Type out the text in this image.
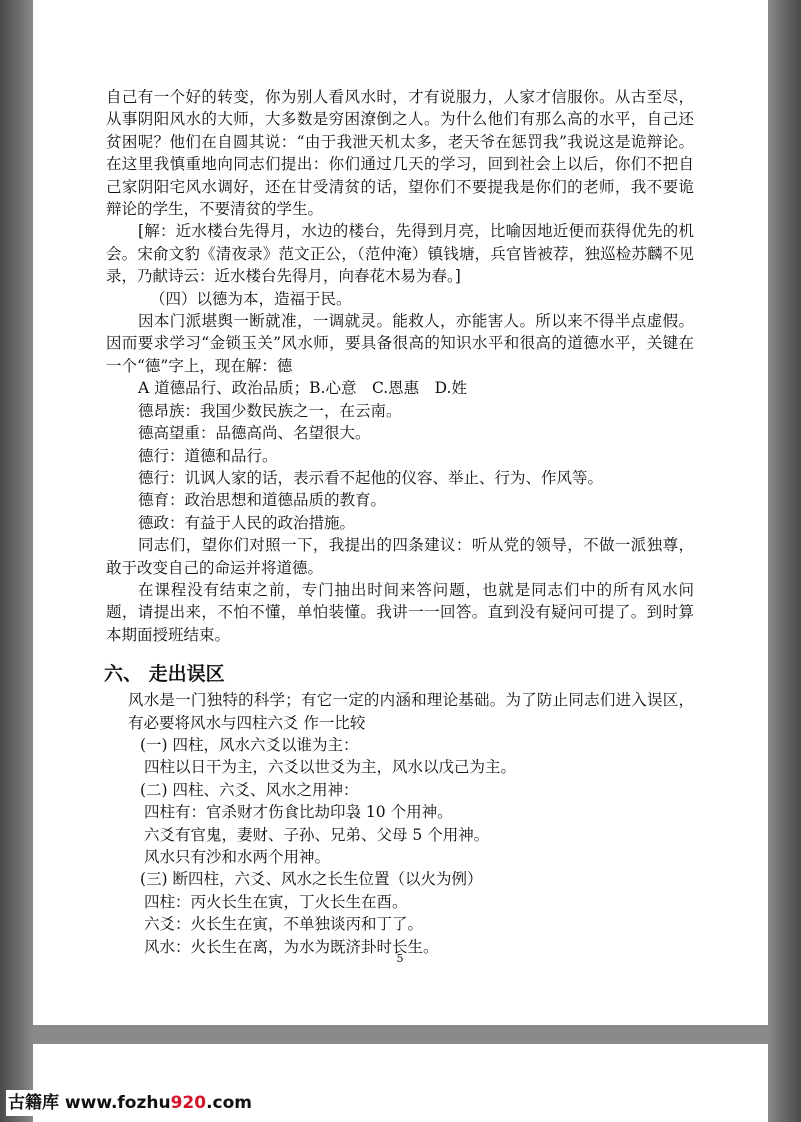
自己有一个好的转变，你为别人看风水时，才有说服力，人家才信服你。从古至尽，从事阴阳风水的大师，大多数是穷困潦倒之人。为什么他们有那么高的水平，自己还贫困呢？他们在自圆其说：“由于我泄天机太多，老天爷在惩罚我”我说这是诡辩论。在这里我慎重地向同志们提出：你们通过几天的学习，回到社会上以后，你们不把自己家阴阳宅风水调好，还在甘受清贫的话，望你们不要提我是你们的老师，我不要诡辩论的学生，不要清贫的学生。

[解：近水楼台先得月，水边的楼台，先得到月亮，比喻因地近便而获得优先的机会。宋俞文豹《清夜录》范文正公，（范仲淹）镇钱塘，兵官皆被荐，独巡检苏麟不见录，乃献诗云：近水楼台先得月，向春花木易为春。]

（四）以德为本，造福于民。

因本门派堪舆一断就准，一调就灵。能救人，亦能害人。所以来不得半点虚假。因而要求学习“金锁玉关”风水师，要具备很高的知识水平和很高的道德水平，关键在一个“德”字上，现在解：德

A 道德品行、政治品质；B.心意　C.恩惠　D.姓

德昂族：我国少数民族之一，在云南。

德高望重：品德高尚、名望很大。

德行：道德和品行。

德行：讥讽人家的话，表示看不起他的仪容、举止、行为、作风等。

德育：政治思想和道德品质的教育。

德政：有益于人民的政治措施。

同志们，望你们对照一下，我提出的四条建议：听从党的领导，不做一派独尊，敢于改变自己的命运并将道德。

在课程没有结束之前，专门抽出时间来答问题，也就是同志们中的所有风水问题，请提出来，不怕不懂，单怕装懂。我讲一一回答。直到没有疑问可提了。到时算本期面授班结束。

六、 走出误区

风水是一门独特的科学；有它一定的内涵和理论基础。为了防止同志们进入误区，有必要将风水与四柱六爻 作一比较

(一) 四柱，风水六爻以谁为主：

四柱以日干为主，六爻以世爻为主，风水以戊己为主。

(二) 四柱、六爻、风水之用神：

四柱有：官杀财才伤食比劫印袅 10 个用神。

六爻有官鬼，妻财、子孙、兄弟、父母 5 个用神。

风水只有沙和水两个用神。

(三) 断四柱，六爻、风水之长生位置（以火为例）

四柱：丙火长生在寅，丁火长生在酉。

六爻：火长生在寅，不单独谈丙和丁了。

风水：火长生在离，为水为既济卦时长生。

5
古籍库 www.fozhu920.com
